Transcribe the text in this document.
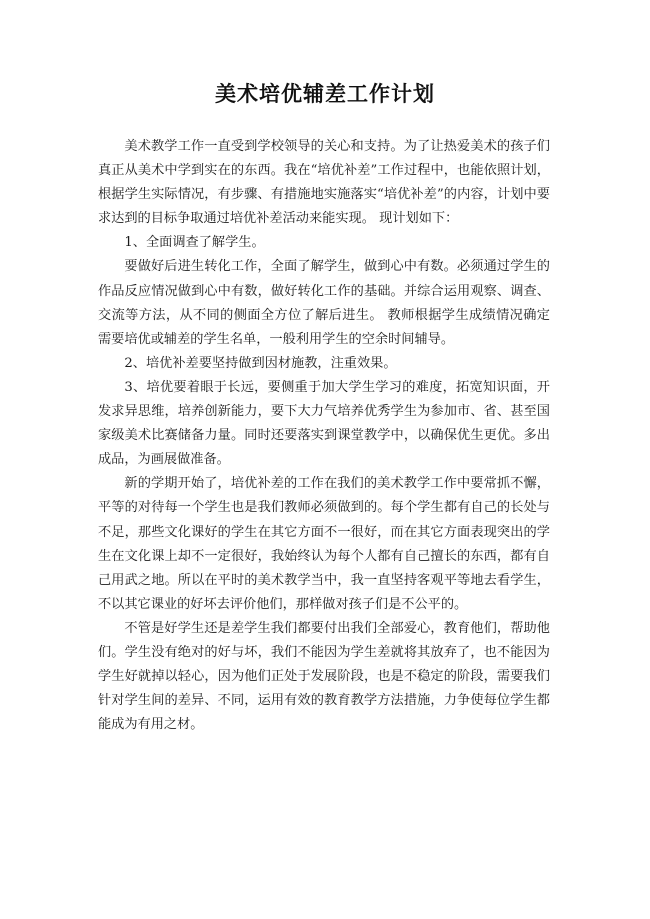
美术培优辅差工作计划

美术教学工作一直受到学校领导的关心和支持。为了让热爱美术的孩子们真正从美术中学到实在的东西。我在“培优补差”工作过程中，也能依照计划，根据学生实际情况，有步骤、有措施地实施落实“培优补差”的内容，计划中要求达到的目标争取通过培优补差活动来能实现。 现计划如下：

1、全面调查了解学生。

要做好后进生转化工作，全面了解学生，做到心中有数。必须通过学生的作品反应情况做到心中有数，做好转化工作的基础。并综合运用观察、调查、交流等方法，从不同的侧面全方位了解后进生。 教师根据学生成绩情况确定需要培优或辅差的学生名单，一般利用学生的空余时间辅导。

2、培优补差要坚持做到因材施教，注重效果。

3、培优要着眼于长远，要侧重于加大学生学习的难度，拓宽知识面，开发求异思维，培养创新能力，要下大力气培养优秀学生为参加市、省、甚至国家级美术比赛储备力量。同时还要落实到课堂教学中，以确保优生更优。多出成品，为画展做准备。

新的学期开始了，培优补差的工作在我们的美术教学工作中要常抓不懈，平等的对待每一个学生也是我们教师必须做到的。每个学生都有自己的长处与不足，那些文化课好的学生在其它方面不一很好，而在其它方面表现突出的学生在文化课上却不一定很好，我始终认为每个人都有自己擅长的东西，都有自己用武之地。所以在平时的美术教学当中，我一直坚持客观平等地去看学生，不以其它课业的好坏去评价他们，那样做对孩子们是不公平的。

不管是好学生还是差学生我们都要付出我们全部爱心，教育他们，帮助他们。学生没有绝对的好与坏，我们不能因为学生差就将其放弃了，也不能因为学生好就掉以轻心，因为他们正处于发展阶段，也是不稳定的阶段，需要我们针对学生间的差异、不同，运用有效的教育教学方法措施，力争使每位学生都能成为有用之材。
